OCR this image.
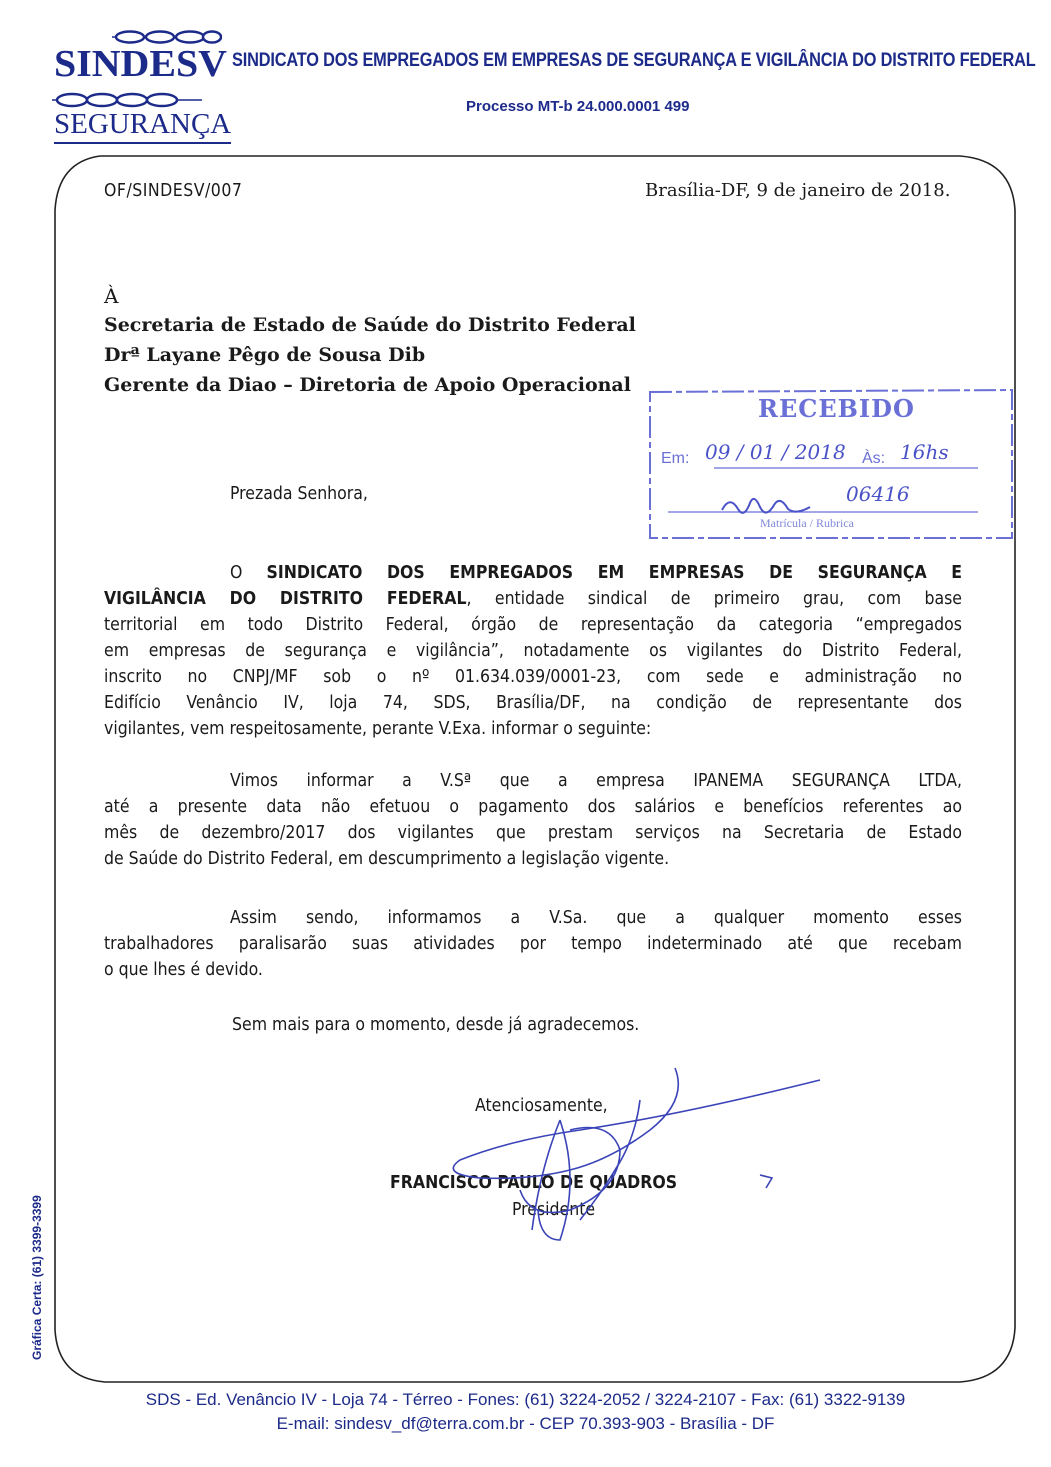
SINDESV
SEGURANÇA
SINDICATO DOS EMPREGADOS EM EMPRESAS DE SEGURANÇA E VIGILÂNCIA DO DISTRITO FEDERAL
Processo MT-b 24.000.0001 499
OF/SINDESV/007	Brasília-DF, 9 de janeiro de 2018.
À
Secretaria de Estado de Saúde do Distrito Federal
Drª Layane Pêgo de Sousa Dib
Gerente da Diao – Diretoria de Apoio Operacional
RECEBIDO
Em: 09 / 01 / 2018 Às: 16hs
06416
Matrícula / Rubrica
Prezada Senhora,
O SINDICATO DOS EMPREGADOS EM EMPRESAS DE SEGURANÇA E
VIGILÂNCIA DO DISTRITO FEDERAL, entidade sindical de primeiro grau, com base
territorial em todo Distrito Federal, órgão de representação da categoria “empregados
em empresas de segurança e vigilância”, notadamente os vigilantes do Distrito Federal,
inscrito no CNPJ/MF sob o nº 01.634.039/0001-23, com sede e administração no
Edifício Venâncio IV, loja 74, SDS, Brasília/DF, na condição de representante dos
vigilantes, vem respeitosamente, perante V.Exa. informar o seguinte:
Vimos informar a V.Sª que a empresa IPANEMA SEGURANÇA LTDA,
até a presente data não efetuou o pagamento dos salários e benefícios referentes ao
mês de dezembro/2017 dos vigilantes que prestam serviços na Secretaria de Estado
de Saúde do Distrito Federal, em descumprimento a legislação vigente.
Assim sendo, informamos a V.Sa. que a qualquer momento esses
trabalhadores paralisarão suas atividades por tempo indeterminado até que recebam
o que lhes é devido.
Sem mais para o momento, desde já agradecemos.
Atenciosamente,
FRANCISCO PAULO DE QUADROS
Presidente
Gráfica Certa: (61) 3399-3399
SDS - Ed. Venâncio IV - Loja 74 - Térreo - Fones: (61) 3224-2052 / 3224-2107 - Fax: (61) 3322-9139
E-mail: sindesv_df@terra.com.br - CEP 70.393-903 - Brasília - DF
